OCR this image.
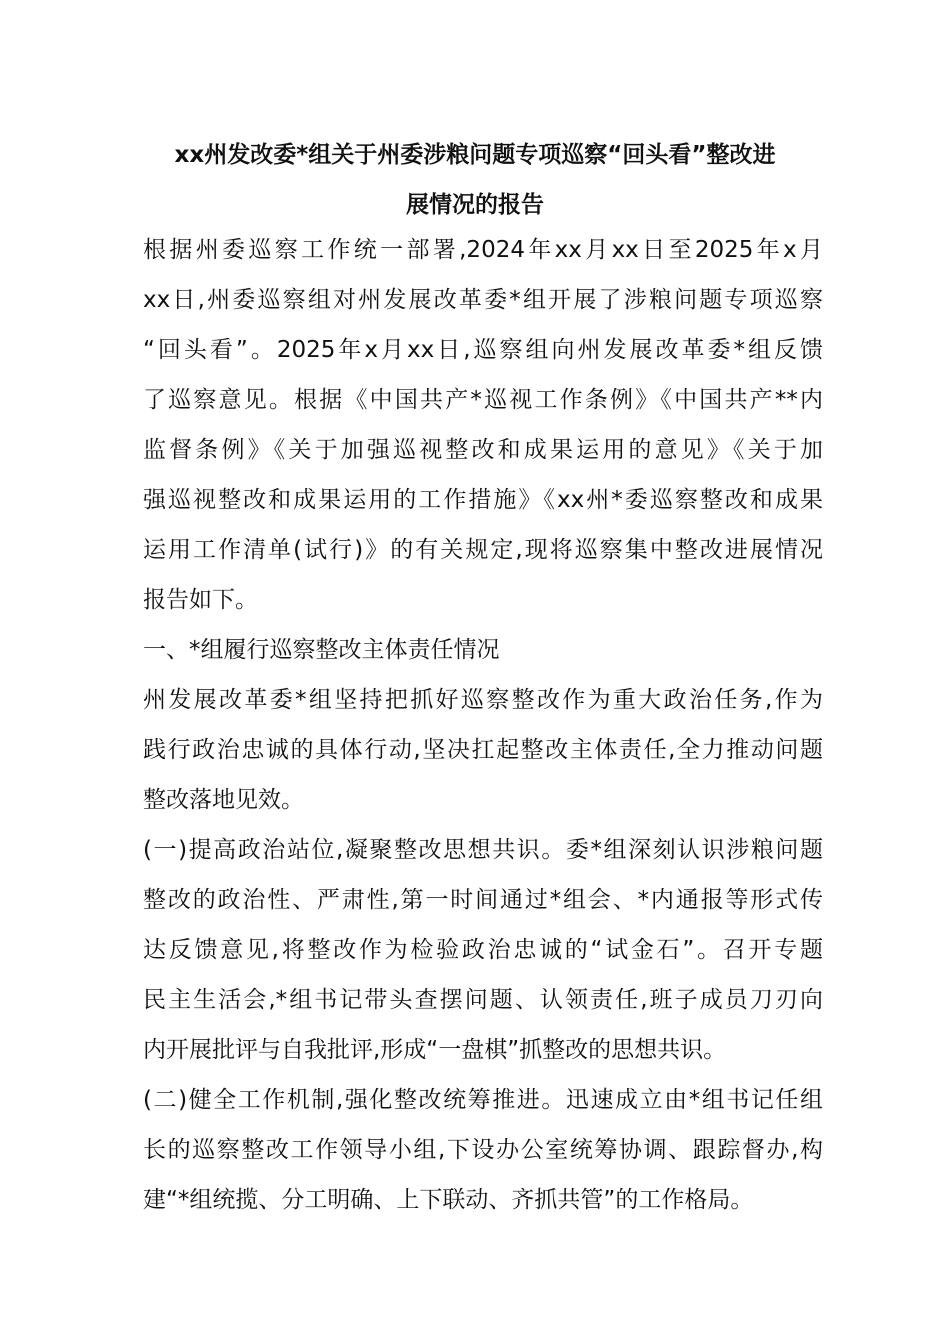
xx州发改委*组关于州委涉粮问题专项巡察“回头看”整改进
展情况的报告
根据州委巡察工作统一部署,2024年xx月xx日至2025年x月
xx日,州委巡察组对州发展改革委*组开展了涉粮问题专项巡察
“回头看”。2025年x月xx日,巡察组向州发展改革委*组反馈
了巡察意见。根据《中国共产*巡视工作条例》《中国共产**内
监督条例》《关于加强巡视整改和成果运用的意见》《关于加
强巡视整改和成果运用的工作措施》《xx州*委巡察整改和成果
运用工作清单(试行)》的有关规定,现将巡察集中整改进展情况
报告如下。
一、*组履行巡察整改主体责任情况
州发展改革委*组坚持把抓好巡察整改作为重大政治任务,作为
践行政治忠诚的具体行动,坚决扛起整改主体责任,全力推动问题
整改落地见效。
(一)提高政治站位,凝聚整改思想共识。委*组深刻认识涉粮问题
整改的政治性、严肃性,第一时间通过*组会、*内通报等形式传
达反馈意见,将整改作为检验政治忠诚的“试金石”。召开专题
民主生活会,*组书记带头查摆问题、认领责任,班子成员刀刃向
内开展批评与自我批评,形成“一盘棋”抓整改的思想共识。
(二)健全工作机制,强化整改统筹推进。迅速成立由*组书记任组
长的巡察整改工作领导小组,下设办公室统筹协调、跟踪督办,构
建“*组统揽、分工明确、上下联动、齐抓共管”的工作格局。
